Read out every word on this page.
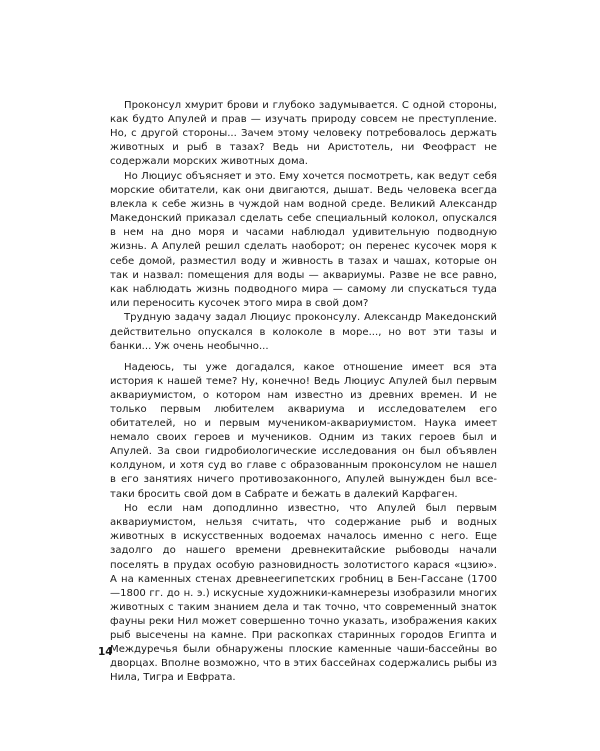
Проконсул хмурит брови и глубоко задумывается. С одной стороны, как будто Апулей и прав — изучать природу совсем не преступление. Но, с другой стороны... Зачем этому человеку потребовалось держать животных и рыб в тазах? Ведь ни Аристотель, ни Феофраст не содержали морских животных дома.

Но Люциус объясняет и это. Ему хочется посмотреть, как ведут себя морские обитатели, как они двигаются, дышат. Ведь человека всегда влекла к себе жизнь в чуждой нам водной среде. Великий Александр Македонский приказал сделать себе специальный колокол, опускался в нем на дно моря и часами наблюдал удивительную подводную жизнь. А Апулей решил сделать наоборот; он перенес кусочек моря к себе домой, разместил воду и живность в тазах и чашах, которые он так и назвал: помещения для воды — аквариумы. Разве не все равно, как наблюдать жизнь подводного мира — самому ли спускаться туда или переносить кусочек этого мира в свой дом?

Трудную задачу задал Люциус проконсулу. Александр Македонский действительно опускался в колоколе в море..., но вот эти тазы и банки... Уж очень необычно...

Надеюсь, ты уже догадался, какое отношение имеет вся эта история к нашей теме? Ну, конечно! Ведь Люциус Апулей был первым аквариумистом, о котором нам известно из древних времен. И не только первым любителем аквариума и исследователем его обитателей, но и первым мучеником-аквариумистом. Наука имеет немало своих героев и мучеников. Одним из таких героев был и Апулей. За свои гидробиологические исследования он был объявлен колдуном, и хотя суд во главе с образованным проконсулом не нашел в его занятиях ничего противозаконного, Апулей вынужден был все-таки бросить свой дом в Сабрате и бежать в далекий Карфаген.

Но если нам доподлинно известно, что Апулей был первым аквариумистом, нельзя считать, что содержание рыб и водных животных в искусственных водоемах началось именно с него. Еще задолго до нашего времени древнекитайские рыбоводы начали поселять в прудах особую разновидность золотистого карася «цзию». А на каменных стенах древнеегипетских гробниц в Бен-Гассане (1700—1800 гг. до н. э.) искусные художники-камнерезы изобразили многих животных с таким знанием дела и так точно, что современный знаток фауны реки Нил может совершенно точно указать, изображения каких рыб высечены на камне. При раскопках старинных городов Египта и Междуречья были обнаружены плоские каменные чаши-бассейны во дворцах. Вполне возможно, что в этих бассейнах содержались рыбы из Нила, Тигра и Евфрата.

14
